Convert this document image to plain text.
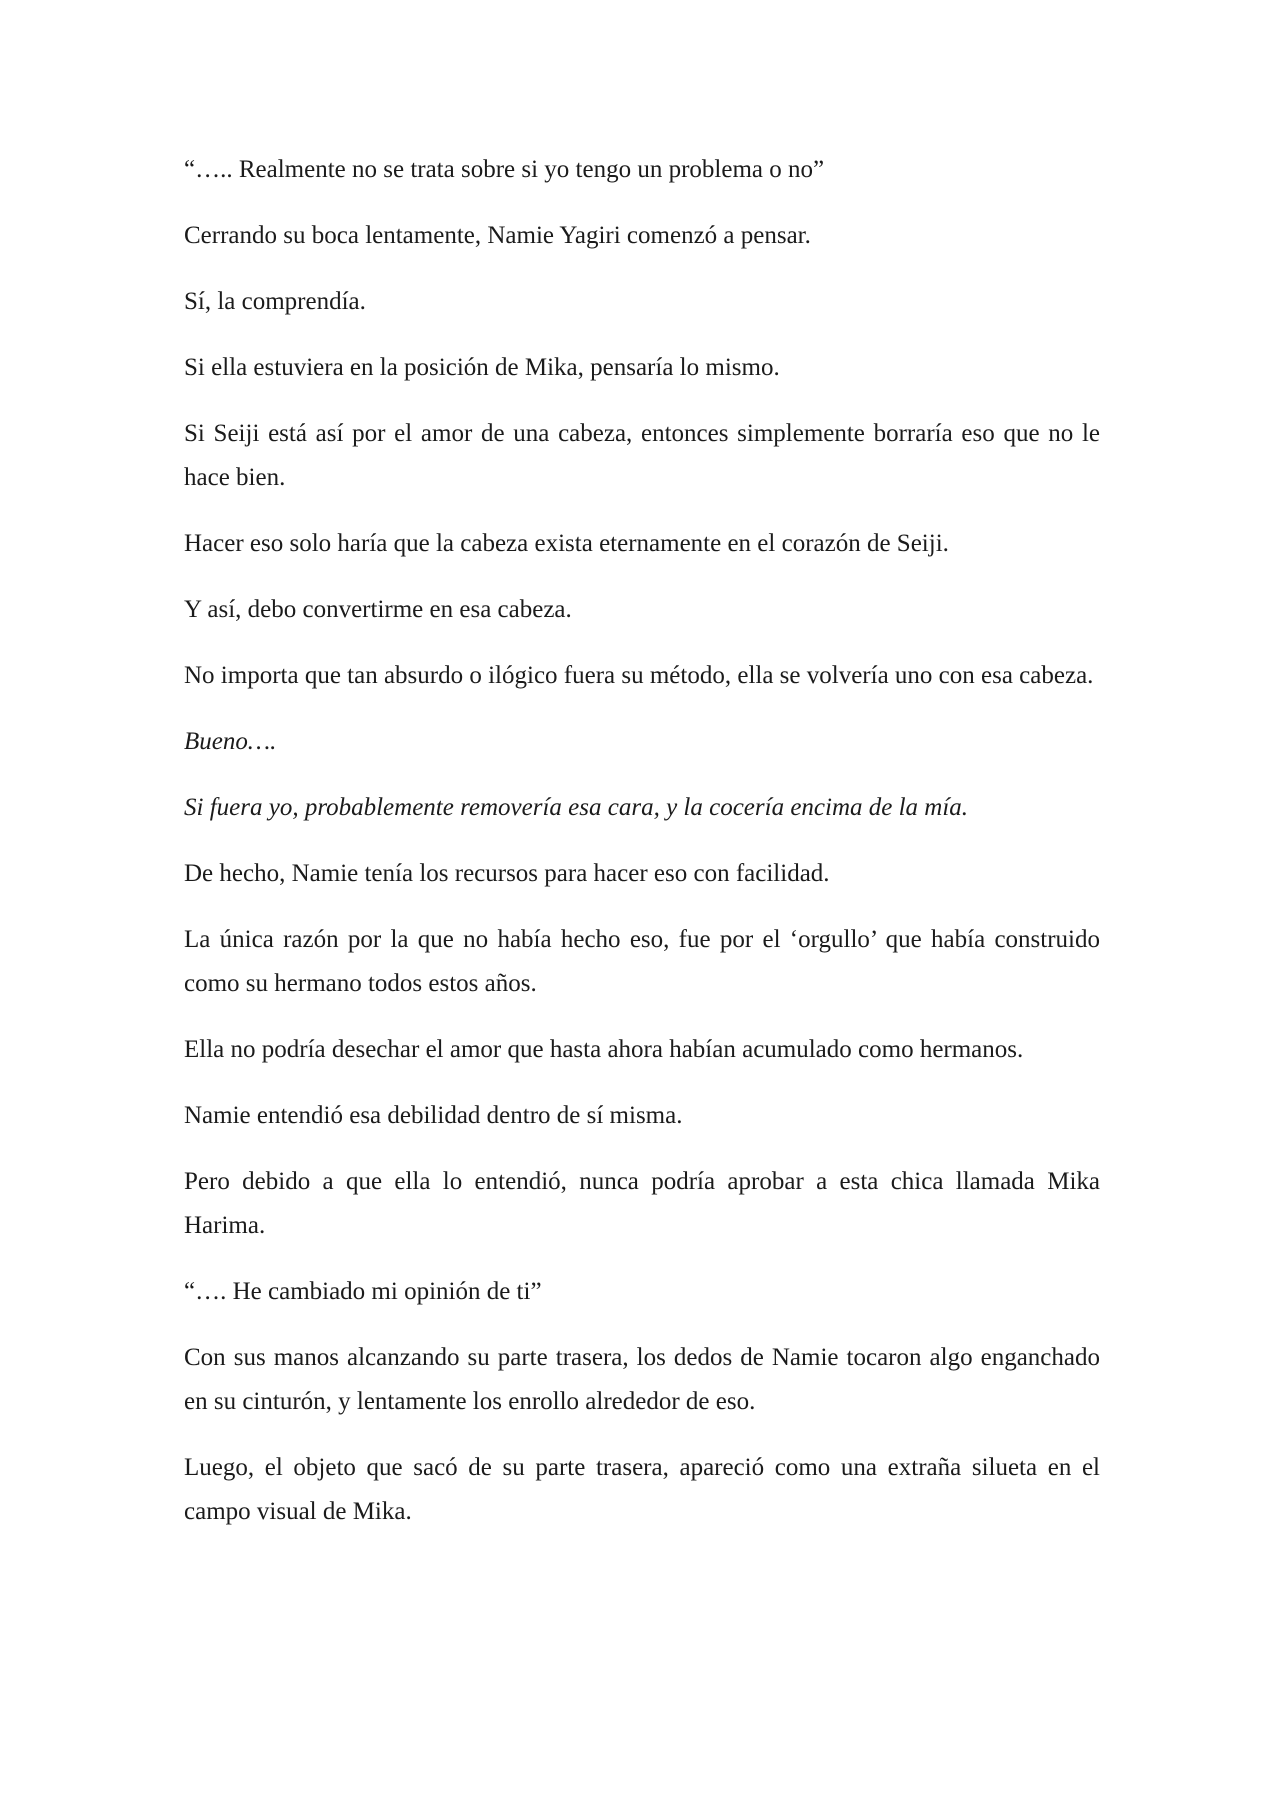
“….. Realmente no se trata sobre si yo tengo un problema o no”

Cerrando su boca lentamente, Namie Yagiri comenzó a pensar.

Sí, la comprendía.

Si ella estuviera en la posición de Mika, pensaría lo mismo.

Si Seiji está así por el amor de una cabeza, entonces simplemente borraría eso que no le hace bien.

Hacer eso solo haría que la cabeza exista eternamente en el corazón de Seiji.

Y así, debo convertirme en esa cabeza.

No importa que tan absurdo o ilógico fuera su método, ella se volvería uno con esa cabeza.

Bueno….

Si fuera yo, probablemente removería esa cara, y la cocería encima de la mía.

De hecho, Namie tenía los recursos para hacer eso con facilidad.

La única razón por la que no había hecho eso, fue por el ‘orgullo’ que había construido como su hermano todos estos años.

Ella no podría desechar el amor que hasta ahora habían acumulado como hermanos.

Namie entendió esa debilidad dentro de sí misma.

Pero debido a que ella lo entendió, nunca podría aprobar a esta chica llamada Mika Harima.

“…. He cambiado mi opinión de ti”

Con sus manos alcanzando su parte trasera, los dedos de Namie tocaron algo enganchado en su cinturón, y lentamente los enrollo alrededor de eso.

Luego, el objeto que sacó de su parte trasera, apareció como una extraña silueta en el campo visual de Mika.
